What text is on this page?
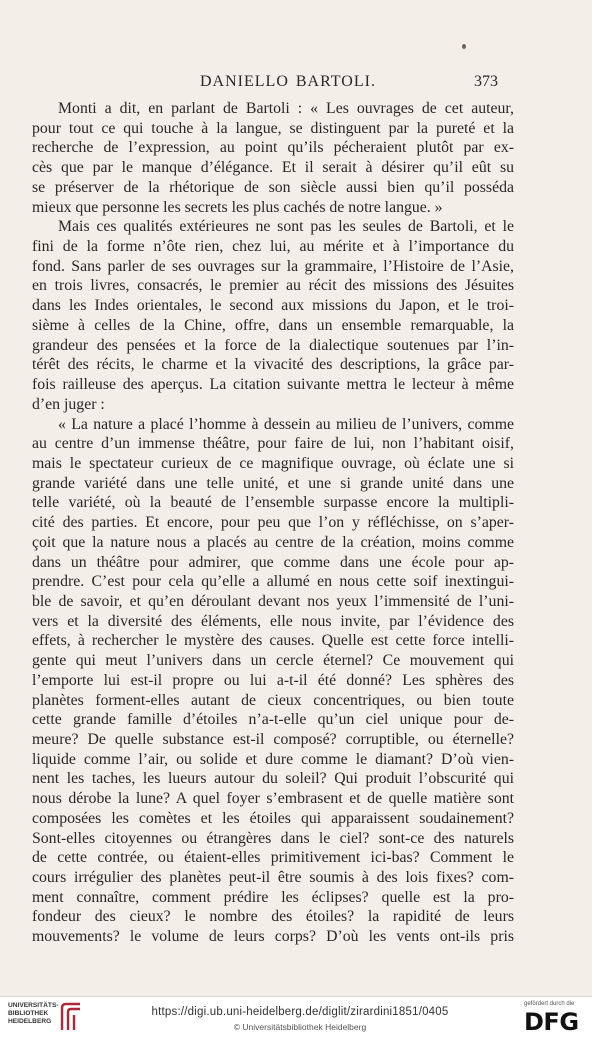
DANIELLO BARTOLI.	373
Monti a dit, en parlant de Bartoli : « Les ouvrages de cet auteur,
pour tout ce qui touche à la langue, se distinguent par la pureté et la
recherche de l’expression, au point qu’ils pécheraient plutôt par ex-
cès que par le manque d’élégance. Et il serait à désirer qu’il eût su
se préserver de la rhétorique de son siècle aussi bien qu’il posséda
mieux que personne les secrets les plus cachés de notre langue. »
Mais ces qualités extérieures ne sont pas les seules de Bartoli, et le
fini de la forme n’ôte rien, chez lui, au mérite et à l’importance du
fond. Sans parler de ses ouvrages sur la grammaire, l’Histoire de l’Asie,
en trois livres, consacrés, le premier au récit des missions des Jésuites
dans les Indes orientales, le second aux missions du Japon, et le troi-
sième à celles de la Chine, offre, dans un ensemble remarquable, la
grandeur des pensées et la force de la dialectique soutenues par l’in-
térêt des récits, le charme et la vivacité des descriptions, la grâce par-
fois railleuse des aperçus. La citation suivante mettra le lecteur à même
d’en juger :
« La nature a placé l’homme à dessein au milieu de l’univers, comme
au centre d’un immense théâtre, pour faire de lui, non l’habitant oisif,
mais le spectateur curieux de ce magnifique ouvrage, où éclate une si
grande variété dans une telle unité, et une si grande unité dans une
telle variété, où la beauté de l’ensemble surpasse encore la multipli-
cité des parties. Et encore, pour peu que l’on y réfléchisse, on s’aper-
çoit que la nature nous a placés au centre de la création, moins comme
dans un théâtre pour admirer, que comme dans une école pour ap-
prendre. C’est pour cela qu’elle a allumé en nous cette soif inextingui-
ble de savoir, et qu’en déroulant devant nos yeux l’immensité de l’uni-
vers et la diversité des éléments, elle nous invite, par l’évidence des
effets, à rechercher le mystère des causes. Quelle est cette force intelli-
gente qui meut l’univers dans un cercle éternel? Ce mouvement qui
l’emporte lui est-il propre ou lui a-t-il été donné? Les sphères des
planètes forment-elles autant de cieux concentriques, ou bien toute
cette grande famille d’étoiles n’a-t-elle qu’un ciel unique pour de-
meure? De quelle substance est-il composé? corruptible, ou éternelle?
liquide comme l’air, ou solide et dure comme le diamant? D’où vien-
nent les taches, les lueurs autour du soleil? Qui produit l’obscurité qui
nous dérobe la lune? A quel foyer s’embrasent et de quelle matière sont
composées les comètes et les étoiles qui apparaissent soudainement?
Sont-elles citoyennes ou étrangères dans le ciel? sont-ce des naturels
de cette contrée, ou étaient-elles primitivement ici-bas? Comment le
cours irrégulier des planètes peut-il être soumis à des lois fixes? com-
ment connaître, comment prédire les éclipses? quelle est la pro-
fondeur des cieux? le nombre des étoiles? la rapidité de leurs
mouvements? le volume de leurs corps? D’où les vents ont-ils pris
UNIVERSITÄTS-
BIBLIOTHEK
HEIDELBERG
https://digi.ub.uni-heidelberg.de/diglit/zirardini1851/0405
© Universitätsbibliothek Heidelberg
gefördert durch die
DFG
